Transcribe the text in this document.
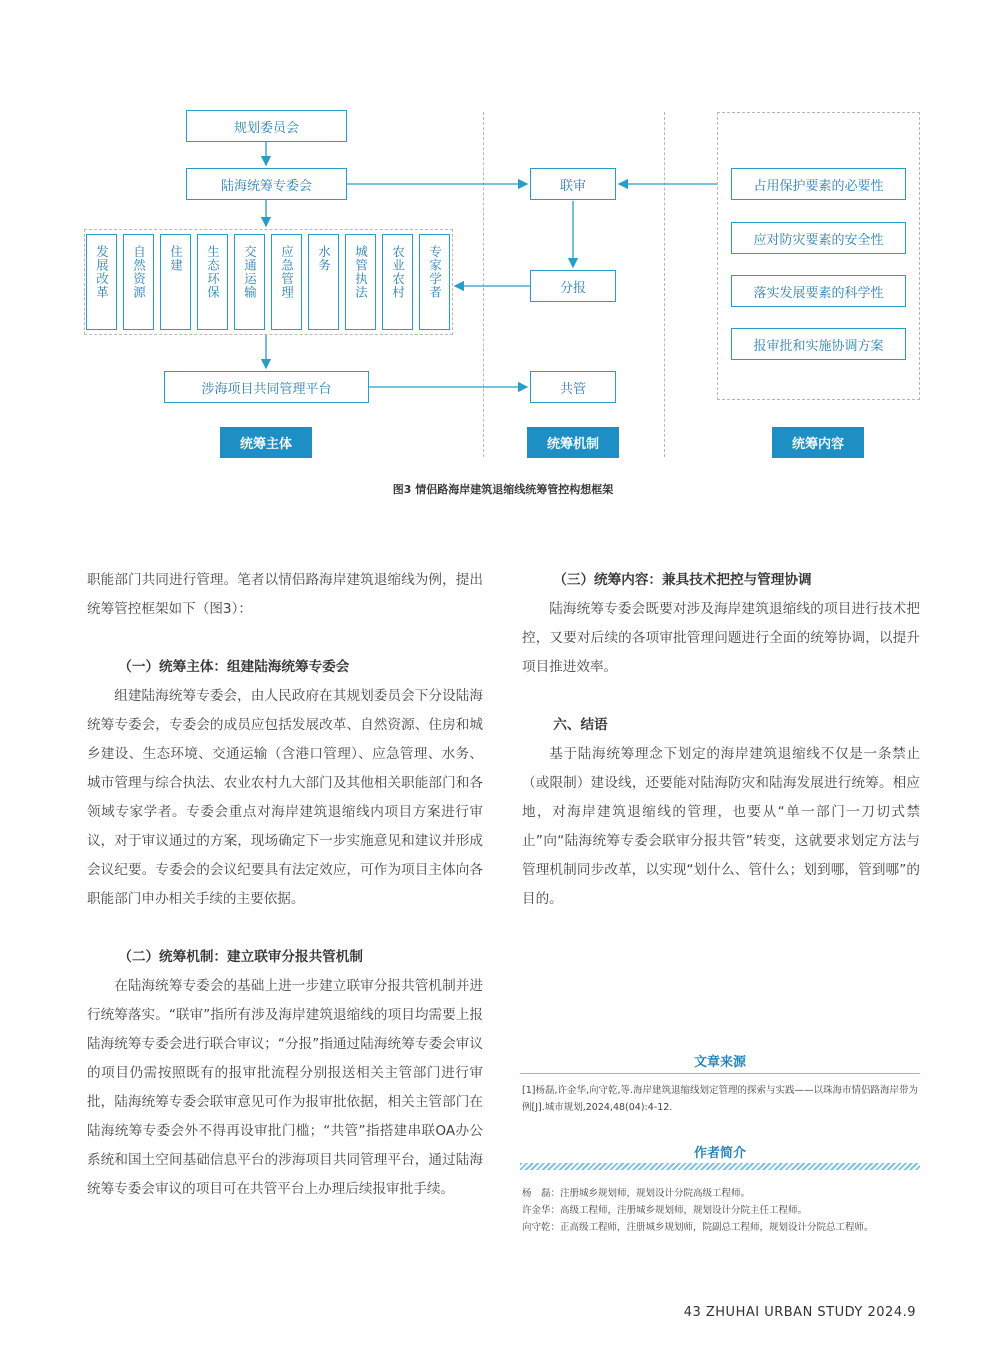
规划委员会
陆海统筹专委会
发展改革 自然资源 住建 生态环保 交通运输 应急管理 水务 城管执法 农业农村 专家学者
涉海项目共同管理平台
联审
分报
共管
占用保护要素的必要性
应对防灾要素的安全性
落实发展要素的科学性
报审批和实施协调方案
统筹主体	统筹机制	统筹内容
图3 情侣路海岸建筑退缩线统筹管控构想框架

职能部门共同进行管理。笔者以情侣路海岸建筑退缩线为例，提出统筹管控框架如下（图3）：

（一）统筹主体：组建陆海统筹专委会

组建陆海统筹专委会，由人民政府在其规划委员会下分设陆海统筹专委会，专委会的成员应包括发展改革、自然资源、住房和城乡建设、生态环境、交通运输（含港口管理）、应急管理、水务、城市管理与综合执法、农业农村九大部门及其他相关职能部门和各领域专家学者。专委会重点对海岸建筑退缩线内项目方案进行审议，对于审议通过的方案，现场确定下一步实施意见和建议并形成会议纪要。专委会的会议纪要具有法定效应，可作为项目主体向各职能部门申办相关手续的主要依据。

（二）统筹机制：建立联审分报共管机制

在陆海统筹专委会的基础上进一步建立联审分报共管机制并进行统筹落实。“联审”指所有涉及海岸建筑退缩线的项目均需要上报陆海统筹专委会进行联合审议；“分报”指通过陆海统筹专委会审议的项目仍需按照既有的报审批流程分别报送相关主管部门进行审批，陆海统筹专委会联审意见可作为报审批依据，相关主管部门在陆海统筹专委会外不得再设审批门槛；“共管”指搭建串联OA办公系统和国土空间基础信息平台的涉海项目共同管理平台，通过陆海统筹专委会审议的项目可在共管平台上办理后续报审批手续。

（三）统筹内容：兼具技术把控与管理协调

陆海统筹专委会既要对涉及海岸建筑退缩线的项目进行技术把控，又要对后续的各项审批管理问题进行全面的统筹协调，以提升项目推进效率。

六、结语

基于陆海统筹理念下划定的海岸建筑退缩线不仅是一条禁止（或限制）建设线，还要能对陆海防灾和陆海发展进行统筹。相应地，对海岸建筑退缩线的管理，也要从“单一部门一刀切式禁止”向“陆海统筹专委会联审分报共管”转变，这就要求划定方法与管理机制同步改革，以实现“划什么、管什么；划到哪，管到哪”的目的。

文章来源
[1]杨磊,许金华,向守乾,等.海岸建筑退缩线划定管理的探索与实践——以珠海市情侣路海岸带为例[J].城市规划,2024,48(04):4-12.
作者简介
杨　磊：注册城乡规划师，规划设计分院高级工程师。
许金华：高级工程师，注册城乡规划师，规划设计分院主任工程师。
向守乾：正高级工程师，注册城乡规划师，院副总工程师，规划设计分院总工程师。
43 ZHUHAI URBAN STUDY 2024.9
